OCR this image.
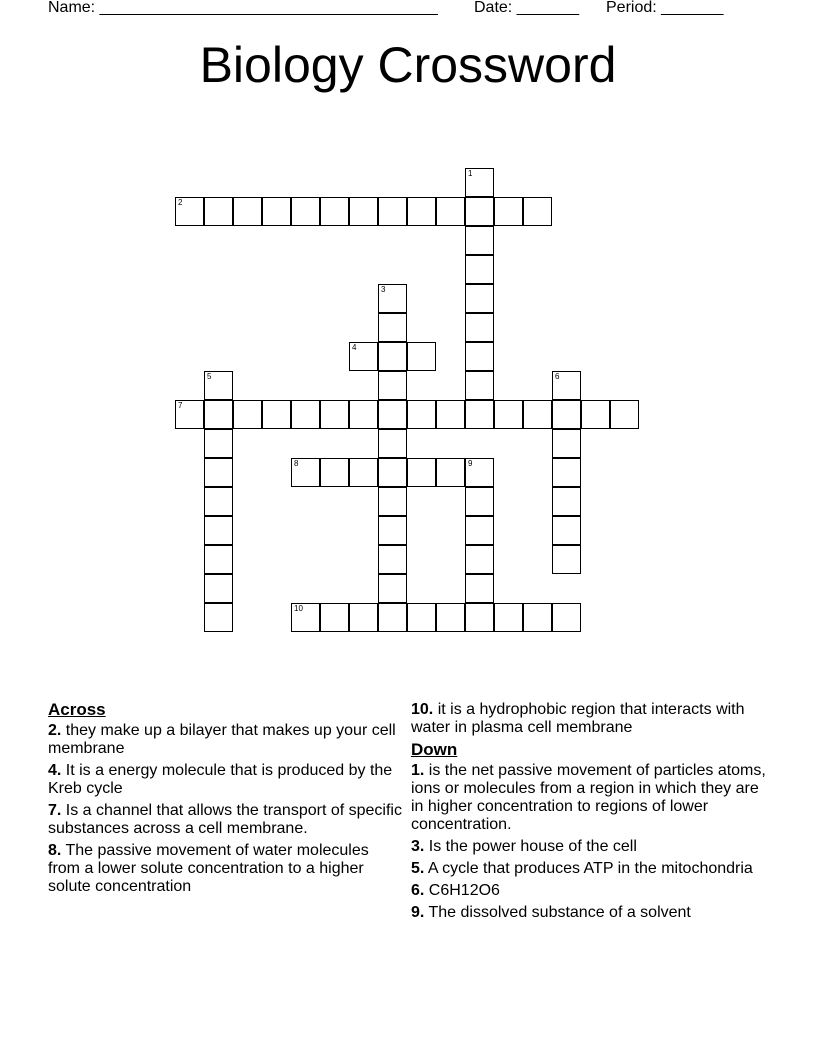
Name: ______________________________________ Date: _______ Period: _______
Biology Crossword
1
2
3
4
5	6
7
8	9
10
Across
2. they make up a bilayer that makes up your cell membrane
4. It is a energy molecule that is produced by the Kreb cycle
7. Is a channel that allows the transport of specific substances across a cell membrane.
8. The passive movement of water molecules from a lower solute concentration to a higher solute concentration
10. it is a hydrophobic region that interacts with water in plasma cell membrane
Down
1. is the net passive movement of particles atoms, ions or molecules from a region in which they are in higher concentration to regions of lower concentration.
3. Is the power house of the cell
5. A cycle that produces ATP in the mitochondria
6. C6H12O6
9. The dissolved substance of a solvent
